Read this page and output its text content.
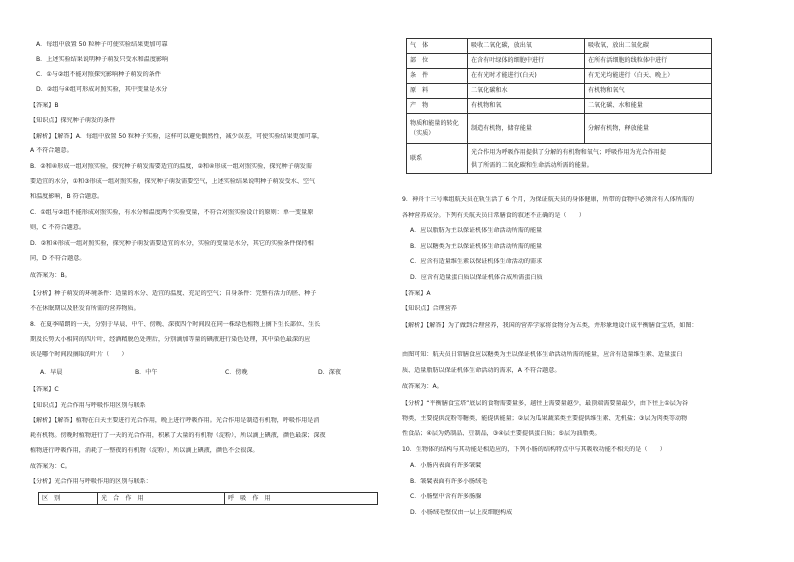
A．每组中放置 50 粒种子可使实验结果更加可靠
B．上述实验结果说明种子萌发只受水和温度影响
C．①与②组不能对照探究影响种子萌发的条件
D．②组与④组可形成对照实验，其中变量是水分
【答案】B
【知识点】探究种子萌发的条件
【解析】【解答】A．每组中放置 50 粒种子实验，这样可以避免偶然性，减少误差，可使实验结果更加可靠，
A 不符合题意。
B．②和④形成一组对照实验，探究种子萌发需要适宜的温度，②和④形成一组对照实验，探究种子萌发需
要适宜的水分，①和③形成一组对照实验，探究种子萌发需要空气，上述实验结果说明种子萌发受水、空气
和温度影响，B 符合题意。
C．①组与②组不能形成对照实验，有水分和温度两个实验变量，不符合对照实验设计的原则：单一变量原
则，C 不符合题意。
D．②和④形成一组对照实验，探究种子萌发需要适宜的水分，实验的变量是水分，其它的实验条件保持相
同，D 不符合题意。
故答案为：B。
【分析】种子萌发的环境条件：适量的水分、适宜的温度、充足的空气；自身条件：完整有活力的胚、种子
不在休眠期以及胚发育所需的营养物质。
8．在夏季晴朗的一天，分别于早晨、中午、傍晚、深夜四个时间段在同一株绿色植物上摘下生长部位、生长
期及长势大小相同的四片叶，经酒精脱色处理后，分别滴加等量的碘液进行染色处理，其中染色最深的应
该是哪个时间段摘取的叶片（　　）
A．早晨	B．中午	C．傍晚	D．深夜
【答案】C
【知识点】光合作用与呼吸作用区别与联系
【解析】【解答】植物在白天主要进行光合作用，晚上进行呼吸作用。光合作用是制造有机物，呼吸作用是消
耗有机物。傍晚时植物进行了一天的光合作用，积累了大量的有机物（淀粉），所以滴上碘液，颜色最深；深夜
植物进行呼吸作用，消耗了一整夜的有机物（淀粉），所以滴上碘液，颜色不会很深。
故答案为：C。
【分析】光合作用与呼吸作用的区别与联系：
区　别	光　合　作　用	呼　吸　作　用
气　体	吸收二氧化碳，放出氧	吸收氧，放出二氧化碳
部　位	在含有叶绿体的细胞中进行	在所有活细胞的线粒体中进行
条　件	在有光时才能进行(白天)	有无光均能进行（白天、晚上）
原　料	二氧化碳和水	有机物和氧气
产　物	有机物和氧	二氧化碳、水和能量
物质和能量的转化（实质）	制造有机物，储存能量	分解有机物，释放能量
联系	光合作用为呼吸作用提供了分解的有机物和氧气；呼吸作用为光合作用提
供了所需的二氧化碳和生命活动所需的能量。	
9．神舟十三号乘组航天员在轨生活了 6 个月，为保证航天员的身体健康，所带的食物中必须含有人体所需的
各种营养成分。下列有关航天员日常膳食的叙述不正确的是（　　）
A．应以脂肪为主以保证机体生命活动所需的能量
B．应以糖类为主以保证机体生命活动所需的能量
C．应含有适量维生素以保证机体生命活动的需求
D．应含有适量蛋白质以保证机体合成所需蛋白质
【答案】A
【知识点】合理营养
【解析】【解答】为了做到合理营养，我国的营养学家将食物分为五类，并形象地设计成平衡膳食宝塔，如图：
由图可知：航天员日常膳食应以糖类为主以保证机体生命活动所需的能量，应含有适量维生素、适量蛋白
质、适量脂肪以保证机体生命活动的需求，A 不符合题意。
故答案为：A。
【分析】“平衡膳食宝塔”底层的食物需要量多，越往上需要量越少，最顶端需要量最少，由下往上①层为谷
物类，主要提供淀粉等糖类，能提供能量；②层为瓜果蔬菜类主要提供维生素、无机盐；③层为肉类等动物
性食品；④层为奶制品、豆制品，③④层主要提供蛋白质；⑤层为油脂类。
10．生物体的结构与其功能是相适应的，下列小肠的结构特点中与其吸收功能不相关的是（　　）
A．小肠内表面有许多皱襞
B．皱襞表面有许多小肠绒毛
C．小肠壁中含有许多肠腺
D．小肠绒毛壁仅由一层上皮细胞构成
